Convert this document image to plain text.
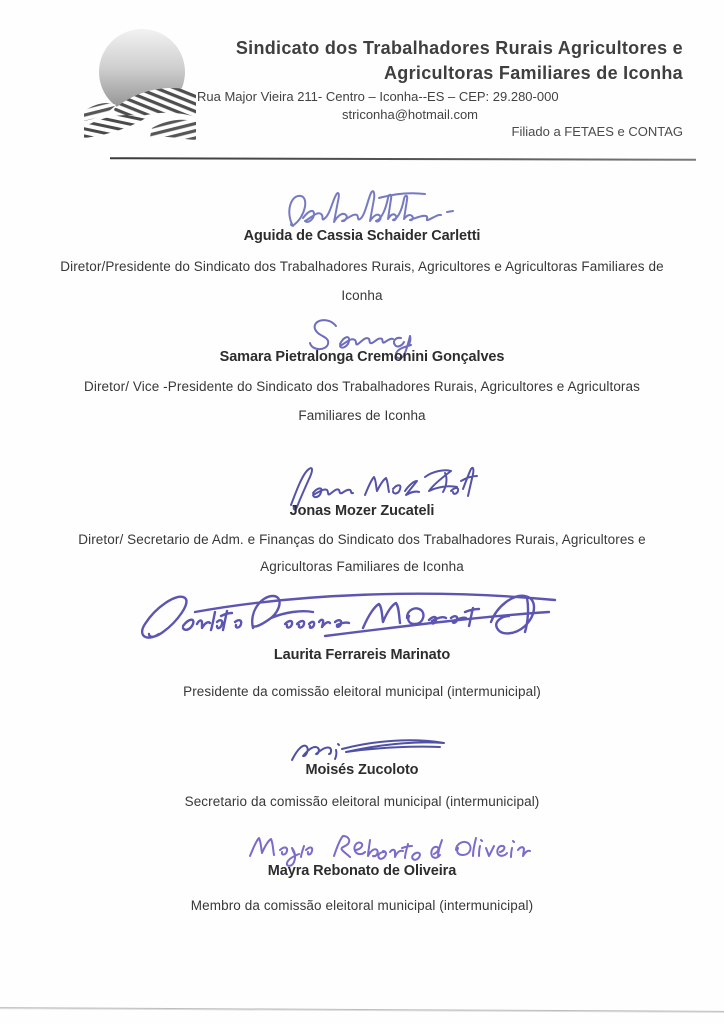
Sindicato dos Trabalhadores Rurais Agricultores e
Agricultoras Familiares de Iconha
Rua Major Vieira 211- Centro – Iconha--ES – CEP: 29.280-000
striconha@hotmail.com
Filiado a FETAES e CONTAG
Aguida de Cassia Schaider Carletti
Diretor/Presidente do Sindicato dos Trabalhadores Rurais, Agricultores e Agricultoras Familiares de
Iconha
Samara Pietralonga Cremonini Gonçalves
Diretor/ Vice -Presidente do Sindicato dos Trabalhadores Rurais, Agricultores e Agricultoras
Familiares de Iconha
Jonas Mozer Zucateli
Diretor/ Secretario de Adm. e Finanças do Sindicato dos Trabalhadores Rurais, Agricultores e
Agricultoras Familiares de Iconha
Laurita Ferrareis Marinato
Presidente da comissão eleitoral municipal (intermunicipal)
Moisés Zucoloto
Secretario da comissão eleitoral municipal (intermunicipal)
Mayra Rebonato de Oliveira
Membro da comissão eleitoral municipal (intermunicipal)
